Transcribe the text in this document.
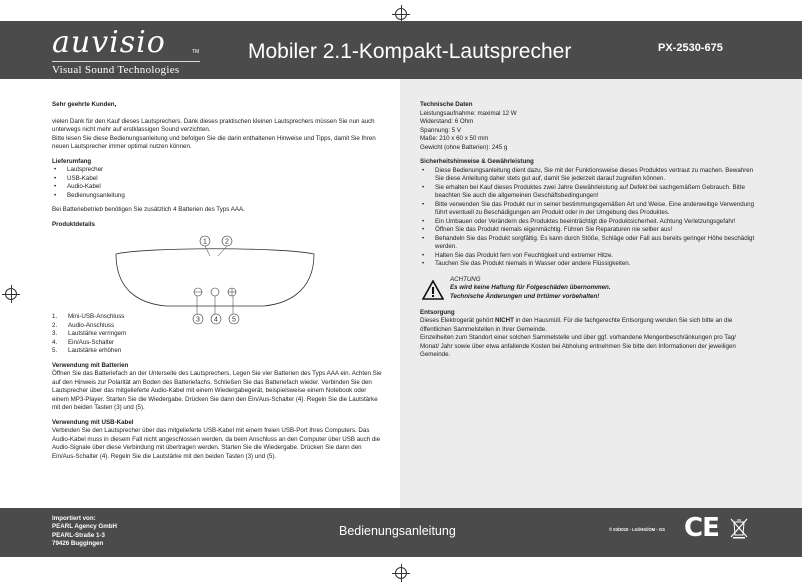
auvisio
Visual Sound Technologies
TM Mobiler 2.1-Kompakt-Lautsprecher	PX-2530-675

Sehr geehrte Kunden,

vielen Dank für den Kauf dieses Lautsprechers. Dank dieses praktischen kleinen Lautsprechers müssen Sie nun auch unterwegs nicht mehr auf erstklassigen Sound verzichten.

Bitte lesen Sie diese Bedienungsanleitung und befolgen Sie die darin enthaltenen Hinweise und Tipps, damit Sie Ihren neuen Lautsprecher immer optimal nutzen können.

Lieferumfang

• Lautsprecher
• USB-Kabel
• Audio-Kabel
• Bedienungsanleitung

Bei Batteriebetrieb benötigen Sie zusätzlich 4 Batterien des Typs AAA.

Produktdetails

1	2
3 4 5
1.	Mini-USB-Anschluss
2.	Audio-Anschluss
3.	Lautstärke verringern
4.	Ein/Aus-Schalter
5.	Lautstärke erhöhen

Verwendung mit Batterien

Öffnen Sie das Batteriefach an der Unterseite des Lautsprechers. Legen Sie vier Batterien des Typs AAA ein. Achten Sie auf den Hinweis zur Polarität am Boden des Batteriefachs. Schließen Sie das Batteriefach wieder. Verbinden Sie den Lautsprecher über das mitgelieferte Audio-Kabel mit einem Wiedergabegerät, beispielsweise einem Notebook oder einem MP3-Player. Starten Sie die Wiedergabe. Drücken Sie dann den Ein/Aus-Schalter (4). Regeln Sie die Lautstärke mit den beiden Tasten (3) und (5).

Verwendung mit USB-Kabel

Verbinden Sie den Lautsprecher über das mitgelieferte USB-Kabel mit einem freien USB-Port Ihres Computers. Das Audio-Kabel muss in diesem Fall nicht angeschlossen werden, da beim Anschluss an den Computer über USB auch die Audio-Signale über diese Verbindung mit übertragen werden. Starten Sie die Wiedergabe. Drücken Sie dann den Ein/Aus-Schalter (4). Regeln Sie die Lautstärke mit den beiden Tasten (3) und (5).

Technische Daten

Leistungsaufnahme: maximal 12 W

Widerstand: 6 Ohm

Spannung: 5 V

Maße: 210 x 60 x 50 mm

Gewicht (ohne Batterien): 245 g

Sicherheitshinweise & Gewährleistung

• Diese Bedienungsanleitung dient dazu, Sie mit der Funktionsweise dieses Produktes vertraut zu machen. Bewahren Sie diese Anleitung daher stets gut auf, damit Sie jederzeit darauf zugreifen können.
• Sie erhalten bei Kauf dieses Produktes zwei Jahre Gewährleistung auf Defekt bei sachgemäßem Gebrauch. Bitte beachten Sie auch die allgemeinen Geschäftsbedingungen!
• Bitte verwenden Sie das Produkt nur in seiner bestimmungsgemäßen Art und Weise. Eine anderweitige Verwendung führt eventuell zu Beschädigungen am Produkt oder in der Umgebung des Produktes.
• Ein Umbauen oder Verändern des Produktes beeinträchtigt die Produktsicherheit. Achtung Verletzungsgefahr!
• Öffnen Sie das Produkt niemals eigenmächtig. Führen Sie Reparaturen nie selber aus!
• Behandeln Sie das Produkt sorgfältig. Es kann durch Stöße, Schläge oder Fall aus bereits geringer Höhe beschädigt werden.
• Halten Sie das Produkt fern von Feuchtigkeit und extremer Hitze.
• Tauchen Sie das Produkt niemals in Wasser oder andere Flüssigkeiten.

ACHTUNG

Es wird keine Haftung für Folgeschäden übernommen.

Technische Änderungen und Irrtümer vorbehalten!

Entsorgung

Dieses Elektrogerät gehört NICHT in den Hausmüll. Für die fachgerechte Entsorgung wenden Sie sich bitte an die öffentlichen Sammelstellen in Ihrer Gemeinde.

Einzelheiten zum Standort einer solchen Sammelstelle und über ggf. vorhandene Mengenbeschränkungen pro Tag/ Monat/ Jahr sowie über etwa anfallende Kosten bei Abholung entnehmen Sie bitte den Informationen der jeweiligen Gemeinde.

Importiert von:
PEARL Agency GmbH
PEARL-Straße 1-3
79426 Buggingen
Bedienungsanleitung	© 03/2010 - LG//HS//OM - GS CE
